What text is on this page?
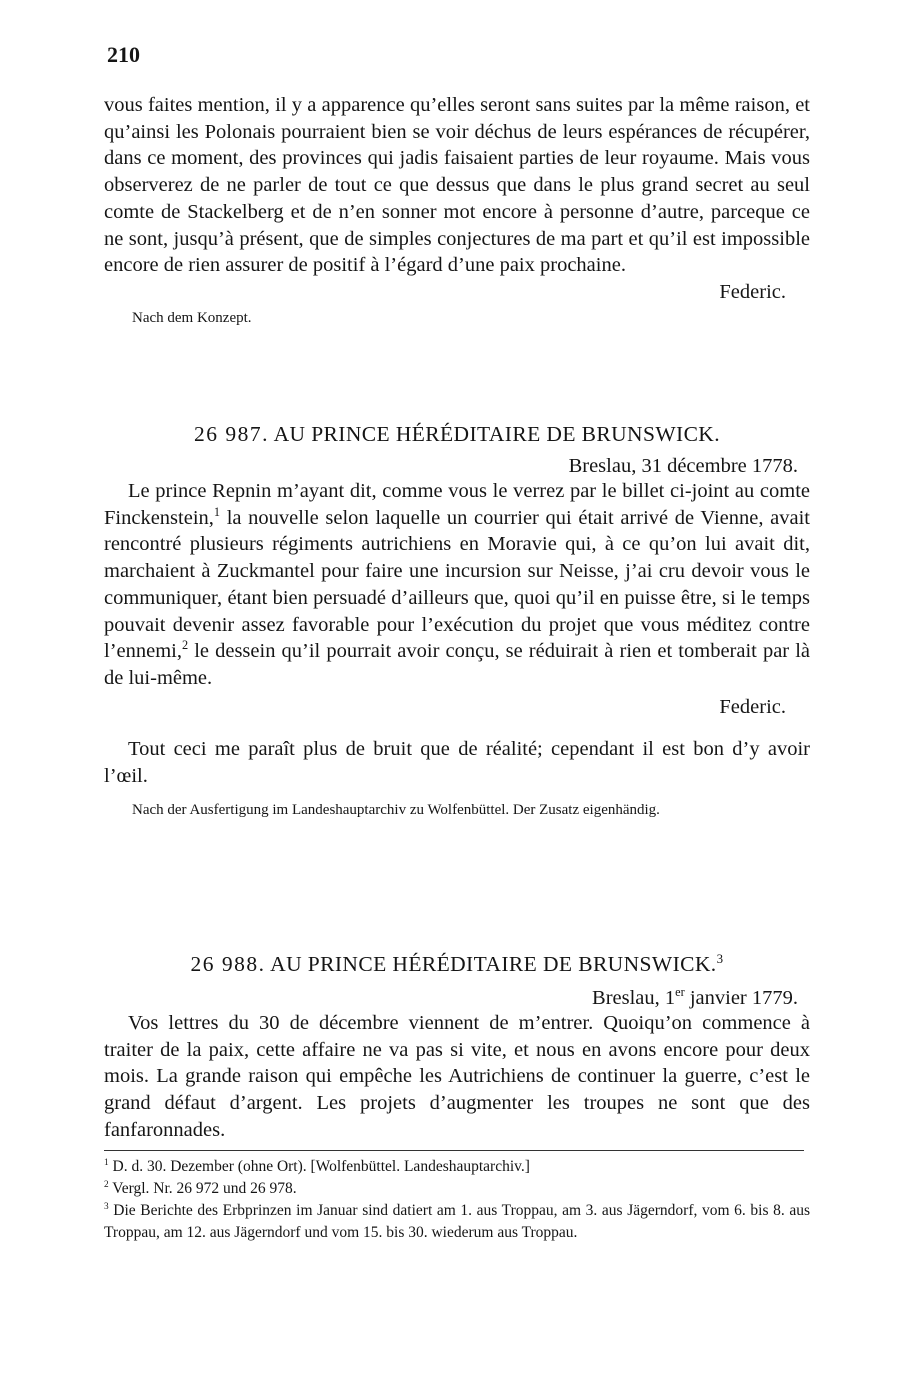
210
vous faites mention, il y a apparence qu’elles seront sans suites par la même raison, et qu’ainsi les Polonais pourraient bien se voir déchus de leurs espérances de récupérer, dans ce moment, des provinces qui jadis faisaient parties de leur royaume. Mais vous observerez de ne parler de tout ce que dessus que dans le plus grand secret au seul comte de Stackelberg et de n’en sonner mot encore à personne d’autre, parceque ce ne sont, jusqu’à présent, que de simples conjectures de ma part et qu’il est impossible encore de rien assurer de positif à l’égard d’une paix prochaine.
Federic.
Nach dem Konzept.
26 987. AU PRINCE HÉRÉDITAIRE DE BRUNSWICK.
Breslau, 31 décembre 1778.
Le prince Repnin m’ayant dit, comme vous le verrez par le billet ci-joint au comte Finckenstein,$^1$ la nouvelle selon laquelle un courrier qui était arrivé de Vienne, avait rencontré plusieurs régiments autrichiens en Moravie qui, à ce qu’on lui avait dit, marchaient à Zuckmantel pour faire une incursion sur Neisse, j’ai cru devoir vous le communiquer, étant bien persuadé d’ailleurs que, quoi qu’il en puisse être, si le temps pouvait devenir assez favorable pour l’exécution du projet que vous méditez contre l’ennemi,$^2$ le dessein qu’il pourrait avoir conçu, se réduirait à rien et tomberait par là de lui-même.
Federic.
Tout ceci me paraît plus de bruit que de réalité; cependant il est bon d’y avoir l’œil.
Nach der Ausfertigung im Landeshauptarchiv zu Wolfenbüttel. Der Zusatz eigenhändig.
26 988. AU PRINCE HÉRÉDITAIRE DE BRUNSWICK.$^3$
Breslau, 1er janvier 1779.
Vos lettres du 30 de décembre viennent de m’entrer. Quoiqu’on commence à traiter de la paix, cette affaire ne va pas si vite, et nous en avons encore pour deux mois. La grande raison qui empêche les Autrichiens de continuer la guerre, c’est le grand défaut d’argent. Les projets d’augmenter les troupes ne sont que des fanfaronnades.

$^1$ D. d. 30. Dezember (ohne Ort). [Wolfenbüttel. Landeshauptarchiv.]

$^2$ Vergl. Nr. 26 972 und 26 978.

$^3$ Die Berichte des Erbprinzen im Januar sind datiert am 1. aus Troppau, am 3. aus Jägerndorf, vom 6. bis 8. aus Troppau, am 12. aus Jägerndorf und vom 15. bis 30. wiederum aus Troppau.
